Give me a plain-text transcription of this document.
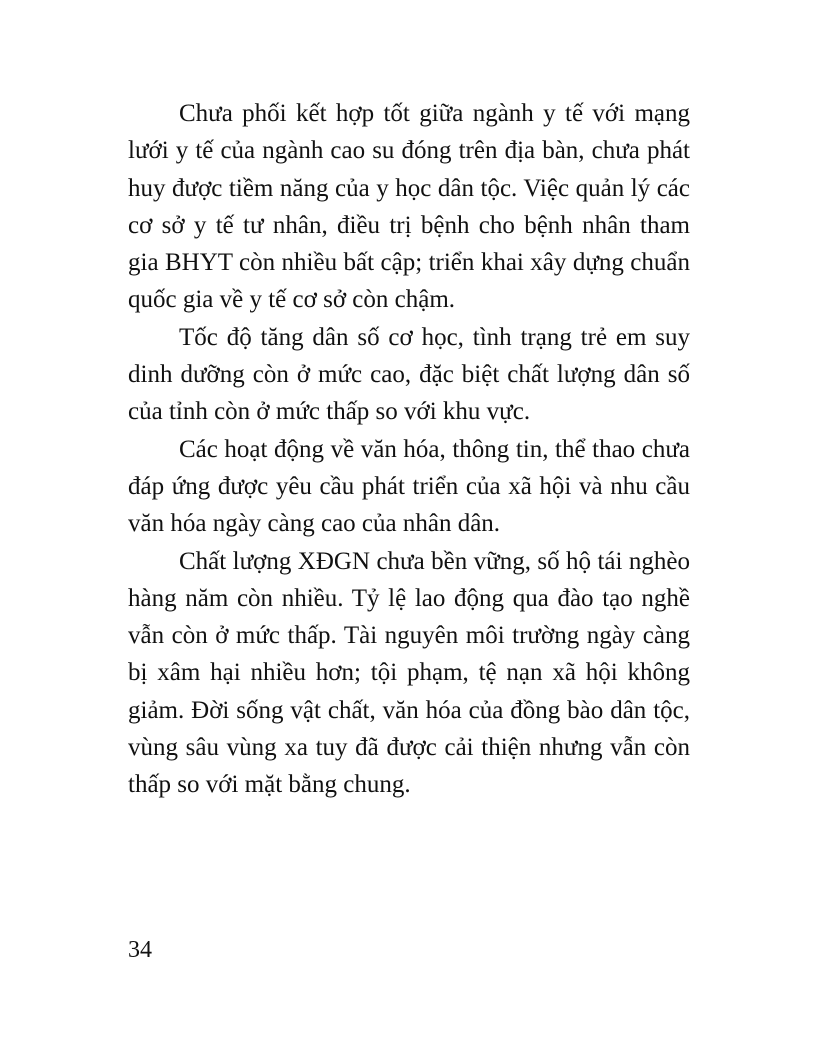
Chưa phối kết hợp tốt giữa ngành y tế với mạng lưới y tế của ngành cao su đóng trên địa bàn, chưa phát huy được tiềm năng của y học dân tộc. Việc quản lý các cơ sở y tế tư nhân, điều trị bệnh cho bệnh nhân tham gia BHYT còn nhiều bất cập; triển khai xây dựng chuẩn quốc gia về y tế cơ sở còn chậm.

Tốc độ tăng dân số cơ học, tình trạng trẻ em suy dinh dưỡng còn ở mức cao, đặc biệt chất lượng dân số của tỉnh còn ở mức thấp so với khu vực.

Các hoạt động về văn hóa, thông tin, thể thao chưa đáp ứng được yêu cầu phát triển của xã hội và nhu cầu văn hóa ngày càng cao của nhân dân.

Chất lượng XĐGN chưa bền vững, số hộ tái nghèo hàng năm còn nhiều. Tỷ lệ lao động qua đào tạo nghề vẫn còn ở mức thấp. Tài nguyên môi trường ngày càng bị xâm hại nhiều hơn; tội phạm, tệ nạn xã hội không giảm. Đời sống vật chất, văn hóa của đồng bào dân tộc, vùng sâu vùng xa tuy đã được cải thiện nhưng vẫn còn thấp so với mặt bằng chung.

34
